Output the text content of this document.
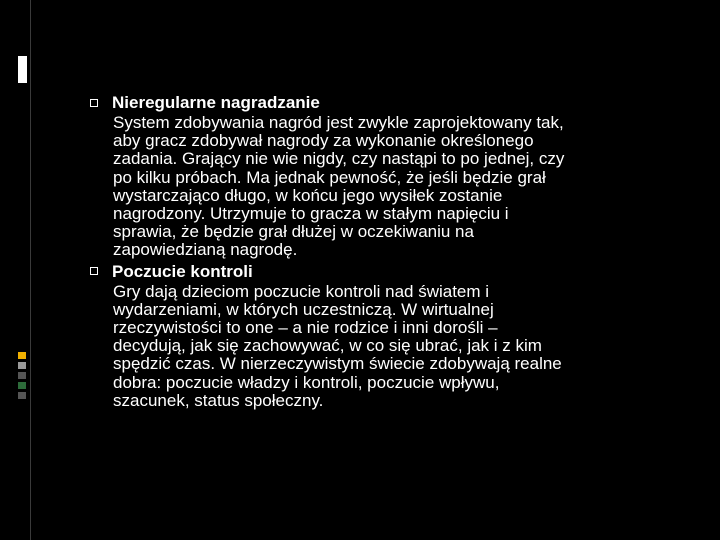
Nieregularne nagradzanie
System zdobywania nagród jest zwykle zaprojektowany tak,
aby gracz zdobywał nagrody za wykonanie określonego
zadania. Grający nie wie nigdy, czy nastąpi to po jednej, czy
po kilku próbach. Ma jednak pewność, że jeśli będzie grał
wystarczająco długo, w końcu jego wysiłek zostanie
nagrodzony. Utrzymuje to gracza w stałym napięciu i
sprawia, że będzie grał dłużej w oczekiwaniu na
zapowiedzianą nagrodę.
Poczucie kontroli
Gry dają dzieciom poczucie kontroli nad światem i
wydarzeniami, w których uczestniczą. W wirtualnej
rzeczywistości to one – a nie rodzice i inni dorośli –
decydują, jak się zachowywać, w co się ubrać, jak i z kim
spędzić czas. W nierzeczywistym świecie zdobywają realne
dobra: poczucie władzy i kontroli, poczucie wpływu,
szacunek, status społeczny.
